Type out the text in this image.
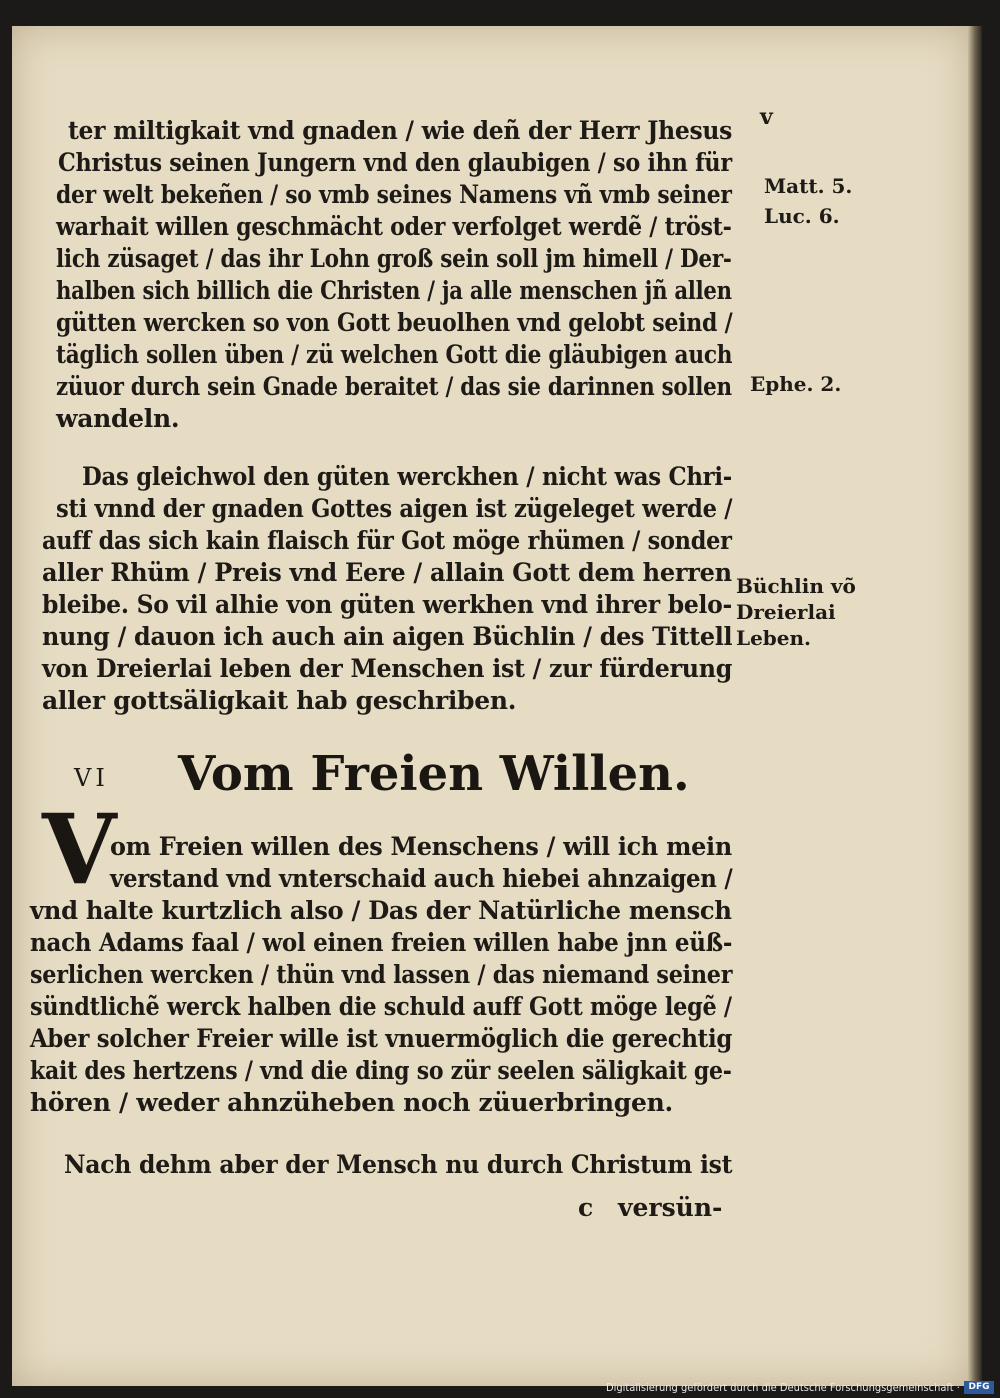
v
ter miltigkait vnd gnaden / wie deñ der Herr Jhesus
Christus seinen Jungern vnd den glaubigen / so ihn für
der welt bekeñen / so vmb seines Namens vñ vmb seiner
warhait willen geschmächt oder verfolget werdẽ / tröst-
lich züsaget / das ihr Lohn groß sein soll jm himell / Der-
halben sich billich die Christen / ja alle menschen jñ allen
gütten wercken so von Gott beuolhen vnd gelobt seind /
täglich sollen üben / zü welchen Gott die gläubigen auch
züuor durch sein Gnade beraitet / das sie darinnen sollen
wandeln.
Das gleichwol den güten werckhen / nicht was Chri-
sti vnnd der gnaden Gottes aigen ist zügeleget werde /
auff das sich kain flaisch für Got möge rhümen / sonder
aller Rhüm / Preis vnd Eere / allain Gott dem herren
bleibe. So vil alhie von güten werkhen vnd ihrer belo-
nung / dauon ich auch ain aigen Büchlin / des Tittell
von Dreierlai leben der Menschen ist / zur fürderung
aller gottsäligkait hab geschriben.
VI Vom Freien Willen.
V
om Freien willen des Menschens / will ich mein
verstand vnd vnterschaid auch hiebei ahnzaigen /
vnd halte kurtzlich also / Das der Natürliche mensch
nach Adams faal / wol einen freien willen habe jnn eüß-
serlichen wercken / thün vnd lassen / das niemand seiner
sündtlichẽ werck halben die schuld auff Gott möge legẽ /
Aber solcher Freier wille ist vnuermöglich die gerechtig
kait des hertzens / vnd die ding so zür seelen säligkait ge-
hören / weder ahnzüheben noch züuerbringen.
Nach dehm aber der Mensch nu durch Christum ist
c versün-
Matt. 5.
Luc. 6.
Ephe. 2.
Büchlin võ
Dreierlai
Leben.
Digitalisierung gefördert durch die Deutsche Forschungsgemeinschaft · DFG
